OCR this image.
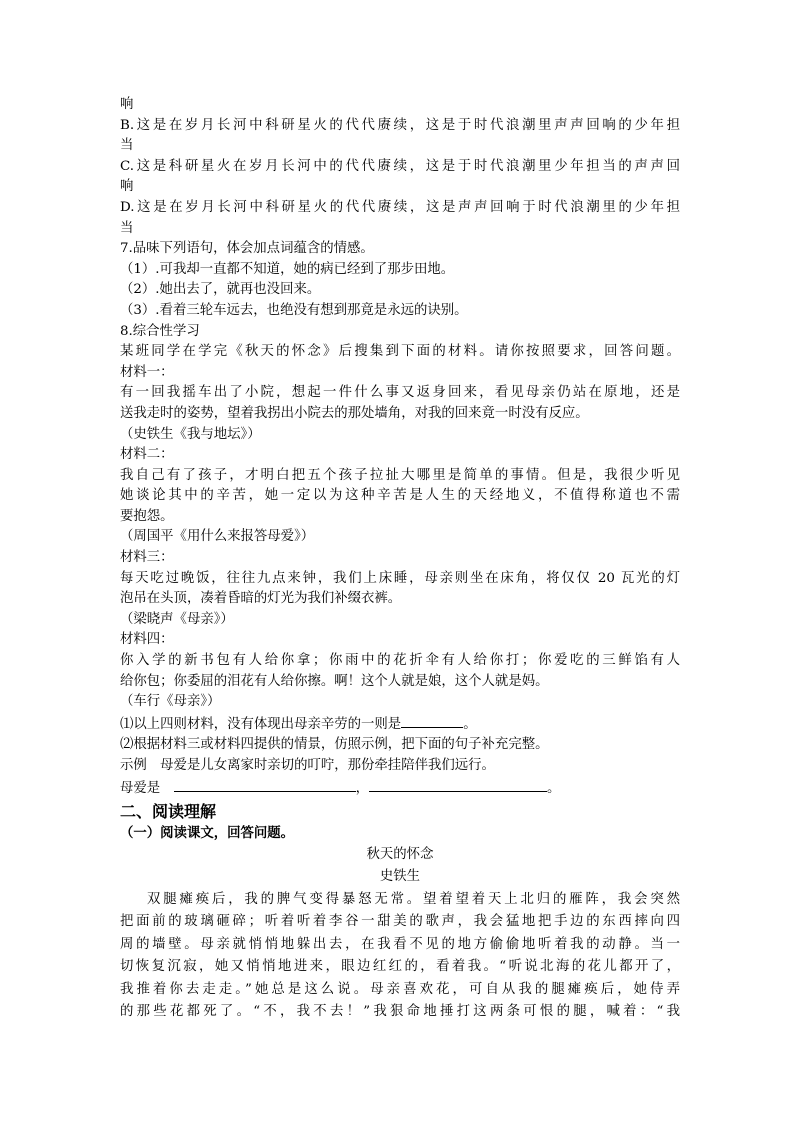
响
B.这是在岁月长河中科研星火的代代赓续，这是于时代浪潮里声声回响的少年担
当
C.这是科研星火在岁月长河中的代代赓续，这是于时代浪潮里少年担当的声声回
响
D.这是在岁月长河中科研星火的代代赓续，这是声声回响于时代浪潮里的少年担
当
7.品味下列语句，体会加点词蕴含的情感。
（1）.可我却一直都不知道，她的病已经到了那步田地。
（2）.她出去了，就再也没回来。
（3）.看着三轮车远去，也绝没有想到那竟是永远的诀别。
8.综合性学习
某班同学在学完《秋天的怀念》后搜集到下面的材料。请你按照要求，回答问题。
材料一：
有一回我摇车出了小院，想起一件什么事又返身回来，看见母亲仍站在原地，还是
送我走时的姿势，望着我拐出小院去的那处墙角，对我的回来竟一时没有反应。
（史铁生《我与地坛》）
材料二：
我自己有了孩子，才明白把五个孩子拉扯大哪里是简单的事情。但是，我很少听见
她谈论其中的辛苦，她一定以为这种辛苦是人生的天经地义，不值得称道也不需
要抱怨。
（周国平《用什么来报答母爱》）
材料三：
每天吃过晚饭，往往九点来钟，我们上床睡，母亲则坐在床角，将仅仅 20 瓦光的灯
泡吊在头顶，凑着昏暗的灯光为我们补缀衣裤。
（梁晓声《母亲》）
材料四：
你入学的新书包有人给你拿；你雨中的花折伞有人给你打；你爱吃的三鲜馅有人
给你包；你委屈的泪花有人给你擦。啊！这个人就是娘，这个人就是妈。
（车行《母亲》）
⑴以上四则材料，没有体现出母亲辛劳的一则是	。
⑵根据材料三或材料四提供的情景，仿照示例，把下面的句子补充完整。
示例　母爱是儿女离家时亲切的叮咛，那份牵挂陪伴我们远行。
母爱是　	，	。
二、阅读理解
（一）阅读课文，回答问题。
秋天的怀念
史铁生
双腿瘫痪后，我的脾气变得暴怒无常。望着望着天上北归的雁阵，我会突然
把面前的玻璃砸碎；听着听着李谷一甜美的歌声，我会猛地把手边的东西摔向四
周的墙壁。母亲就悄悄地躲出去，在我看不见的地方偷偷地听着我的动静。当一
切恢复沉寂，她又悄悄地进来，眼边红红的，看着我。“听说北海的花儿都开了，
我推着你去走走。”她总是这么说。母亲喜欢花，可自从我的腿瘫痪后，她侍弄
的那些花都死了。“不，我不去！”我狠命地捶打这两条可恨的腿，喊着：“我
